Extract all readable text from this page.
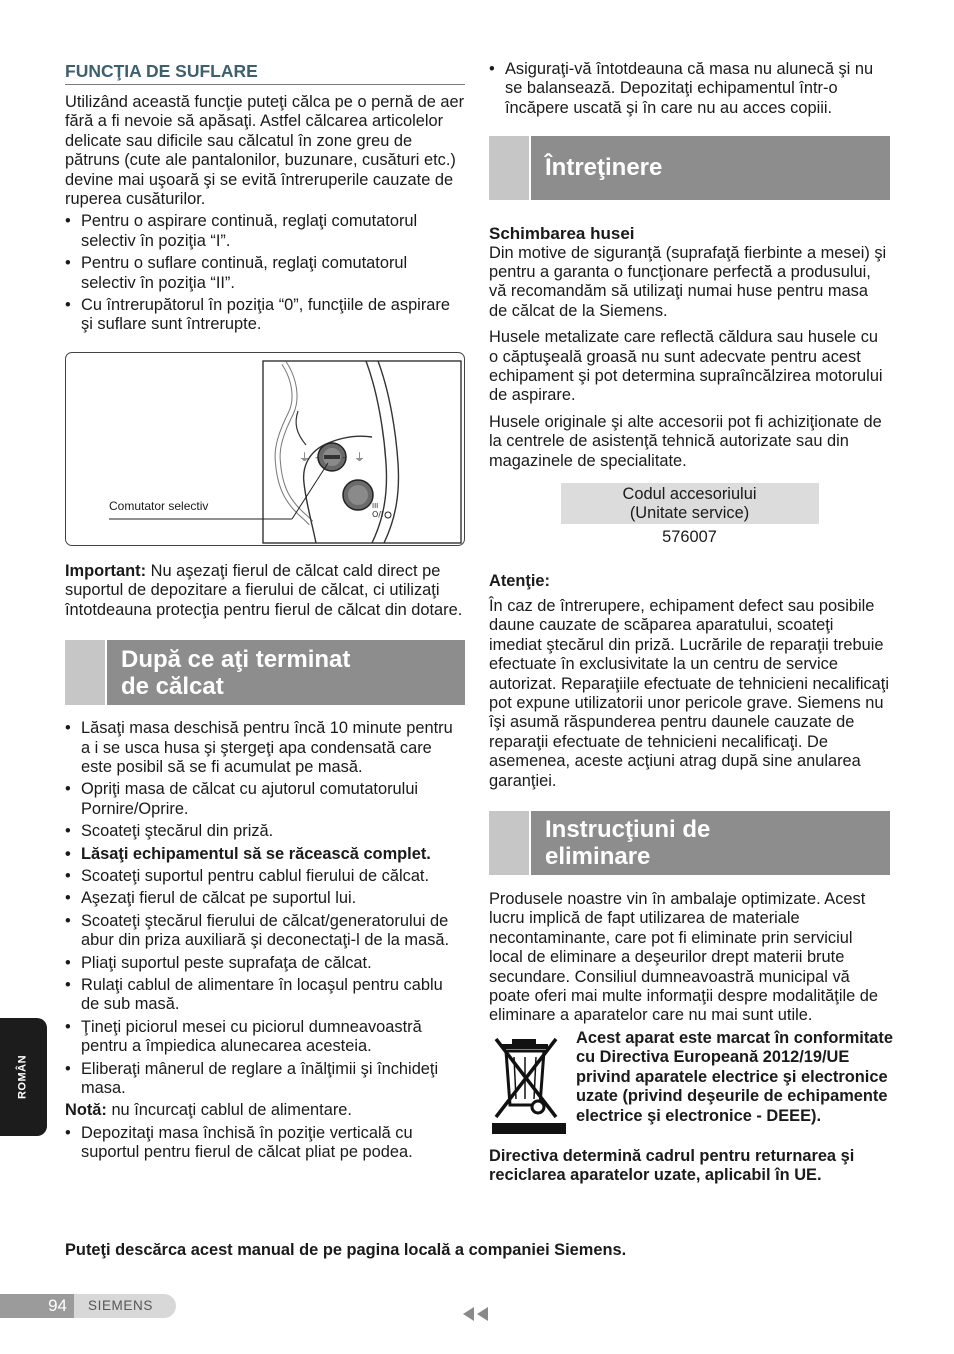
FUNCŢIA DE SUFLARE

Utilizând această funcţie puteţi călca pe o pernă de aer fără a fi nevoie să apăsaţi. Astfel călcarea articolelor delicate sau dificile sau călcatul în zone greu de pătruns (cute ale pantalonilor, buzunare, cusături etc.) devine mai uşoară şi se evită întreruperile cauzate de ruperea cusăturilor.

• Pentru o aspirare continuă, reglaţi comutatorul selectiv în poziţia “I”.
• Pentru o suflare continuă, reglaţi comutatorul selectiv în poziţia “II”.
• Cu întrerupătorul în poziţia “0”, funcţiile de aspirare şi suflare sunt întrerupte.
⏚	⏚
–	–
III
O/I
Comutator selectiv

Important: Nu aşezaţi fierul de călcat cald direct pe suportul de depozitare a fierului de călcat, ci utilizaţi întotdeauna protecţia pentru fierul de călcat din dotare.

După ce aţi terminat
de călcat
• Lăsaţi masa deschisă pentru încă 10 minute pentru a i se usca husa şi ştergeţi apa condensată care este posibil să se fi acumulat pe masă.
• Opriţi masa de călcat cu ajutorul comutatorului Pornire/Oprire.
• Scoateţi ştecărul din priză.
• Lăsaţi echipamentul să se răcească complet.
• Scoateţi suportul pentru cablul fierului de călcat.
• Aşezaţi fierul de călcat pe suportul lui.
• Scoateţi ştecărul fierului de călcat/generatorului de abur din priza auxiliară şi deconectaţi-l de la masă.
• Pliaţi suportul peste suprafaţa de călcat.
• Rulaţi cablul de alimentare în locaşul pentru cablu de sub masă.
• Ţineţi piciorul mesei cu piciorul dumneavoastră pentru a împiedica alunecarea acesteia.
• Eliberaţi mânerul de reglare a înălţimii şi închideţi masa.

Notă: nu încurcaţi cablul de alimentare.

• Depozitaţi masa închisă în poziţie verticală cu suportul pentru fierul de călcat pliat pe podea.
• Asiguraţi-vă întotdeauna că masa nu alunecă şi nu se balansează. Depozitaţi echipamentul într-o încăpere uscată şi în care nu au acces copiii.
Întreţinere
Schimbarea husei

Din motive de siguranţă (suprafaţă fierbinte a mesei) şi pentru a garanta o funcţionare perfectă a produsului, vă recomandăm să utilizaţi numai huse pentru masa de călcat de la Siemens.

Husele metalizate care reflectă căldura sau husele cu o căptuşeală groasă nu sunt adecvate pentru acest echipament şi pot determina supraîncălzirea motorului de aspirare.

Husele originale şi alte accesorii pot fi achiziţionate de la centrele de asistenţă tehnică autorizate sau din magazinele de specialitate.

Codul accesoriului
(Unitate service)
576007
Atenţie:

În caz de întrerupere, echipament defect sau posibile daune cauzate de scăparea aparatului, scoateţi imediat ştecărul din priză. Lucrările de reparaţii trebuie efectuate în exclusivitate la un centru de service autorizat. Reparaţiile efectuate de tehnicieni necalificaţi pot expune utilizatorii unor pericole grave. Siemens nu îşi asumă răspunderea pentru daunele cauzate de reparaţii efectuate de tehnicieni necalificaţi. De asemenea, aceste acţiuni atrag după sine anularea garanţiei.

Instrucţiuni de
eliminare

Produsele noastre vin în ambalaje optimizate. Acest lucru implică de fapt utilizarea de materiale necontaminante, care pot fi eliminate prin serviciul local de eliminare a deşeurilor drept materii brute secundare. Consiliul dumneavoastră municipal vă poate oferi mai multe informaţii despre modalităţile de eliminare a aparatelor care nu mai sunt utile.

Acest aparat este marcat în conformitate cu Directiva Europeană 2012/19/UE privind aparatele electrice şi electronice uzate (privind deşeurile de echipamente electrice şi electronice - DEEE).

Directiva determină cadrul pentru returnarea şi reciclarea aparatelor uzate, aplicabil în UE.

Puteţi descărca acest manual de pe pagina locală a companiei Siemens.
ROMÂN
94	SIEMENS
